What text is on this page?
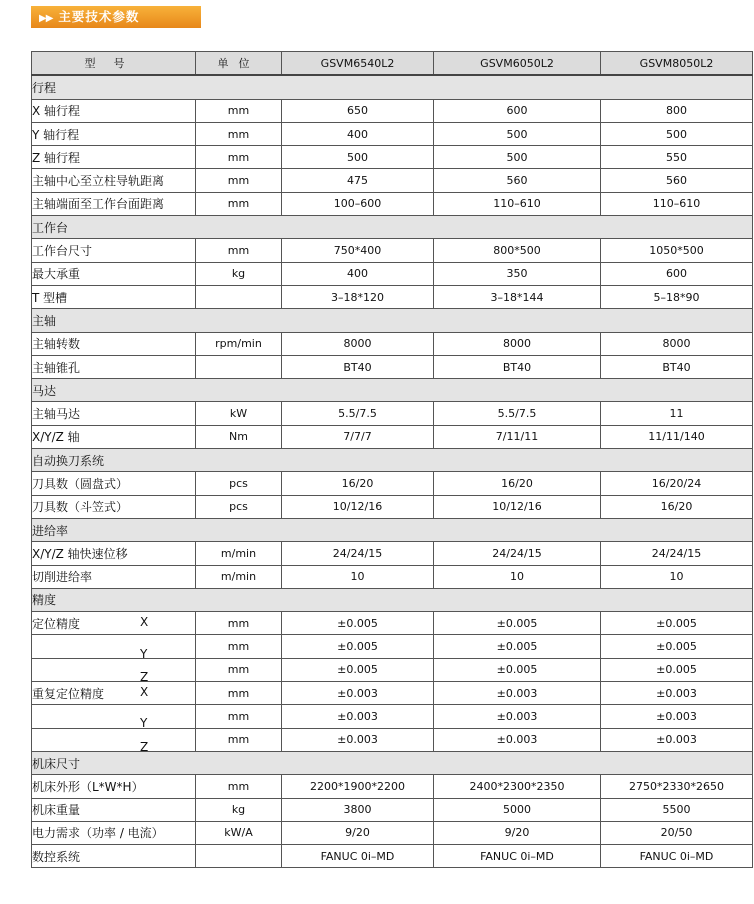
▶▶ 主要技术参数
型号	单位	GSVM6540L2	GSVM6050L2	GSVM8050L2
行程				
X 轴行程	mm	650	600	800
Y 轴行程	mm	400	500	500
Z 轴行程	mm	500	500	550
主轴中心至立柱导轨距离	mm	475	560	560
主轴端面至工作台面距离	mm	100–600	110–610	110–610
工作台				
工作台尺寸	mm	750*400	800*500	1050*500
最大承重	kg	400	350	600
T 型槽		3–18*120	3–18*144	5–18*90
主轴				
主轴转数	rpm/min	8000	8000	8000
主轴锥孔		BT40	BT40	BT40
马达				
主轴马达	kW	5.5/7.5	5.5/7.5	11
X/Y/Z 轴	Nm	7/7/7	7/11/11	11/11/140
自动换刀系统				
刀具数（圆盘式）	pcs	16/20	16/20	16/20/24
刀具数（斗笠式）	pcs	10/12/16	10/12/16	16/20
进给率				
X/Y/Z 轴快速位移	m/min	24/24/15	24/24/15	24/24/15
切削进给率	m/min	10	10	10
精度				
定位精度 X	mm	±0.005	±0.005	±0.005

Y	mm	±0.005	±0.005	±0.005

Z	mm	±0.005	±0.005	±0.005
重复定位精度 X	mm	±0.003	±0.003	±0.003

Y	mm	±0.003	±0.003	±0.003

Z	mm	±0.003	±0.003	±0.003
机床尺寸				
机床外形（L*W*H）	mm	2200*1900*2200	2400*2300*2350	2750*2330*2650
机床重量	kg	3800	5000	5500
电力需求（功率 / 电流）	kW/A	9/20	9/20	20/50
数控系统		FANUC 0i–MD	FANUC 0i–MD	FANUC 0i–MD
